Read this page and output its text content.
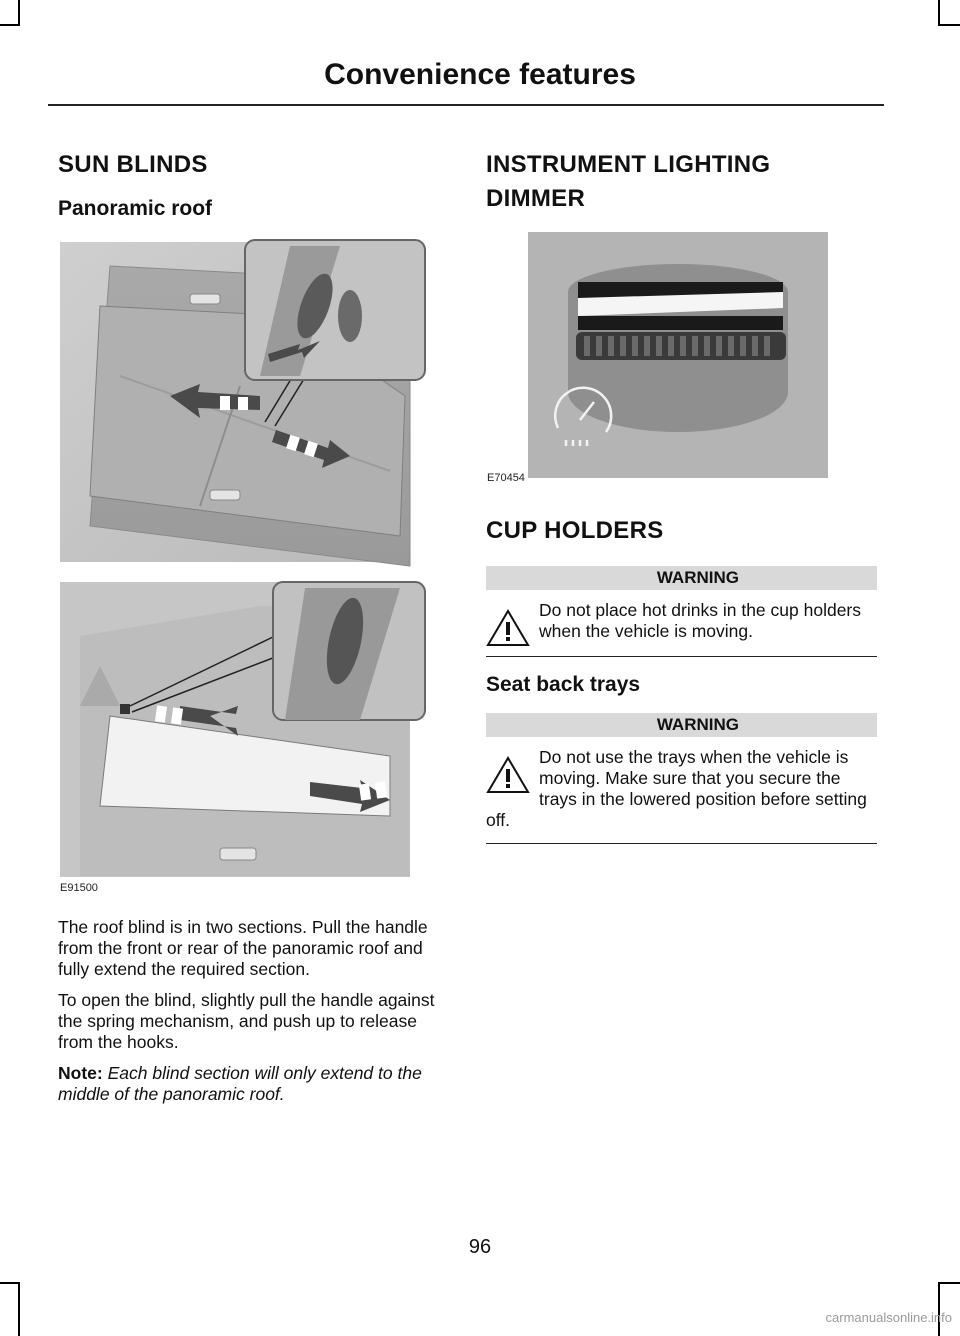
Convenience features
SUN BLINDS
Panoramic roof
E91500

The roof blind is in two sections. Pull the handle from the front or rear of the panoramic roof and fully extend the required section.

To open the blind, slightly pull the handle against the spring mechanism, and push up to release from the hooks.

Note: Each blind section will only extend to the middle of the panoramic roof.

INSTRUMENT LIGHTING
DIMMER
E70454
CUP HOLDERS
WARNING
Do not place hot drinks in the cup holders when the vehicle is moving.
Seat back trays
WARNING
Do not use the trays when the vehicle is moving. Make sure that you secure the trays in the lowered position before setting off.
96
carmanualsonline.info
